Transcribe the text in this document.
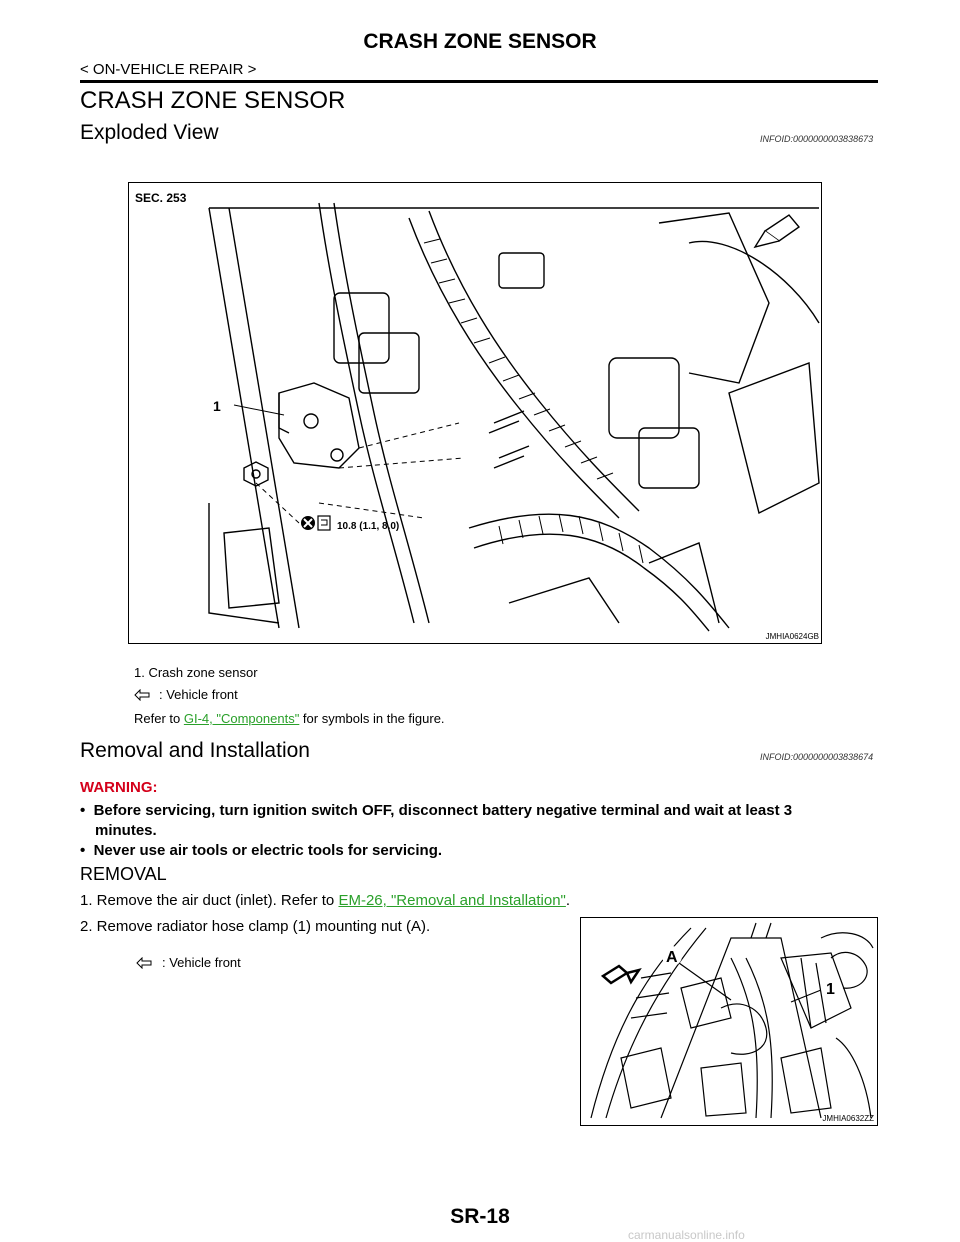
CRASH ZONE SENSOR
< ON-VEHICLE REPAIR >
CRASH ZONE SENSOR
Exploded View	INFOID:0000000003838673
SEC. 253
1
10.8 (1.1, 8.0)
JMHIA0624GB
1. Crash zone sensor
: Vehicle front
Refer to GI-4, "Components" for symbols in the figure.
Removal and Installation	INFOID:0000000003838674
WARNING:
•  Before servicing, turn ignition switch OFF, disconnect battery negative terminal and wait at least 3
minutes.
•  Never use air tools or electric tools for servicing.
REMOVAL
1. Remove the air duct (inlet). Refer to EM-26, "Removal and Installation".
2. Remove radiator hose clamp (1) mounting nut (A).
: Vehicle front	A
1
JMHIA0632ZZ
SR-18
carmanualsonline.info
